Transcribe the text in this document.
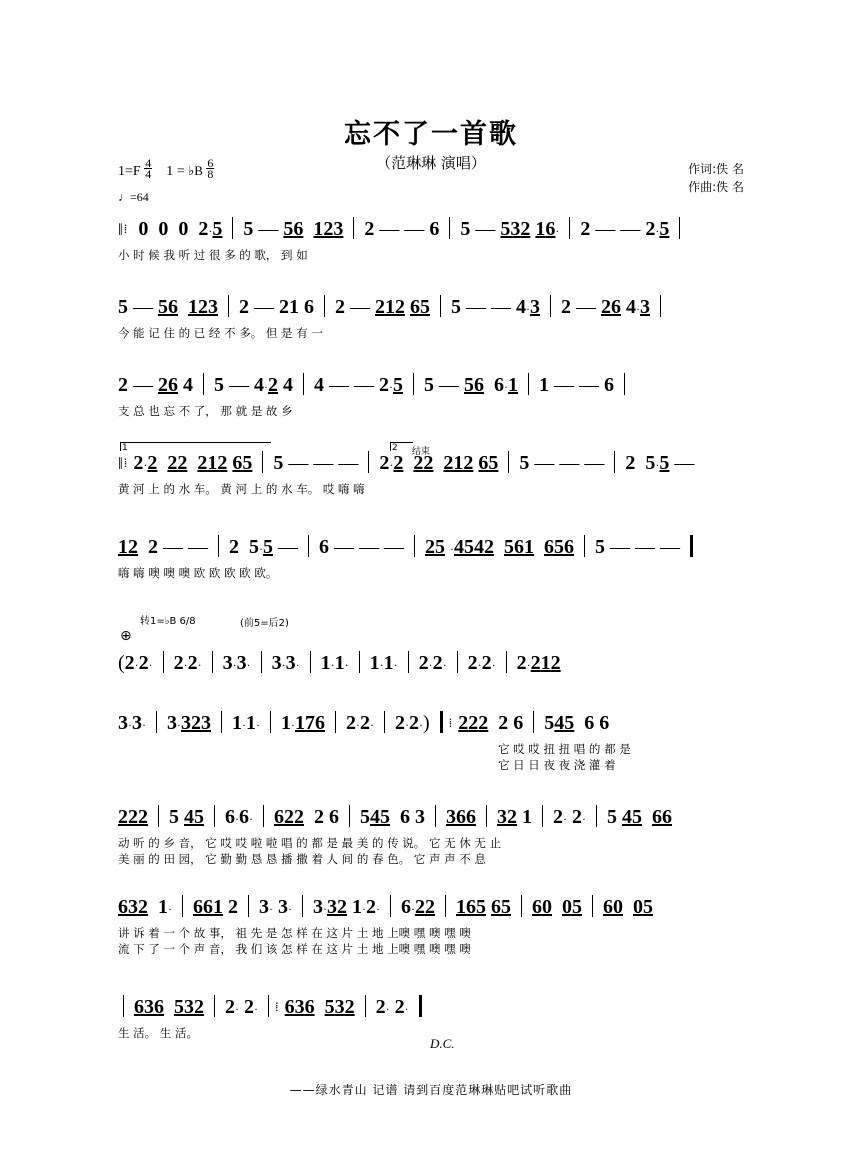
忘不了一首歌
（范琳琳 演唱）	作词:佚 名
作曲:佚 名
$1=F \frac{4}{4} 1$ = ♭B $\frac{6}{8}$
♩=64
‖⁞ 0 0 0 2·5 5 — 56 123 2 — — 6 5 — 532 16· 2 — — 2·5
小 时 候 我 听 过 很 多 的 歌， 到 如
5 — 56 123 2 — 21 6 2 — 212 65 5 — — 4·3 2 — 26 4·3
今 能 记 住 的 已 经 不 多。 但 是 有 一
2 — 26 4 5 — 4·2 4 4 — — 2·5 5 — 56 6·1 1 — — 6
支 总 也 忘 不 了， 那 就 是 故 乡
‖⁞ 2·2 22 212 65 5 — — — 2·2 22 212 65 5 — — — 2 5·5 —
黄 河 上 的 水 车。 黄 河 上 的 水 车。 哎 嗨 嗨
1	2 结束
12 2 — — 2 5·5 — 6 — — — 25 ·4542 561 656 5 — — —
嗨 嗨 噢 噢 噢 欧 欧 欧 欧 欧。
转1=♭B 6/8	(前5=后2)
⊕
(2·2· 2·2· 3·3· 3·3· 1·1· 1·1· 2·2· 2·2· 2·212
3·3· 3·323 1·1· 1·176 2·2· 2·2·) ⁞ 222 2 6 545 6 6
它 哎 哎 扭 扭 唱 的 都 是
它 日 日 夜 夜 浇 灌 着
222 5 45 6·6· 622 2 6 545 6 3 366 32 1 2· 2· 5 45 66
动 听 的 乡 音， 它 哎 哎 啦 啦 唱 的 都 是 最 美 的 传 说。 它 无 休 无 止
美 丽 的 田 园， 它 勤 勤 恳 恳 播 撒 着 人 间 的 春 色。 它 声 声 不 息
632 1· 661 2 3· 3· 3·32 1·2· 6·22 165 65 60 05 60 05
讲 诉 着 一 个 故 事， 祖 先 是 怎 样 在 这 片 土 地 上噢 嘿 噢 嘿 噢
流 下 了 一 个 声 音， 我 们 该 怎 样 在 这 片 土 地 上噢 嘿 噢 嘿 噢
636 532 2· 2· ⁞ 636 532 2· 2·
生 活。 生 活。
D.C.
——绿水青山 记谱 请到百度范琳琳贴吧试听歌曲
